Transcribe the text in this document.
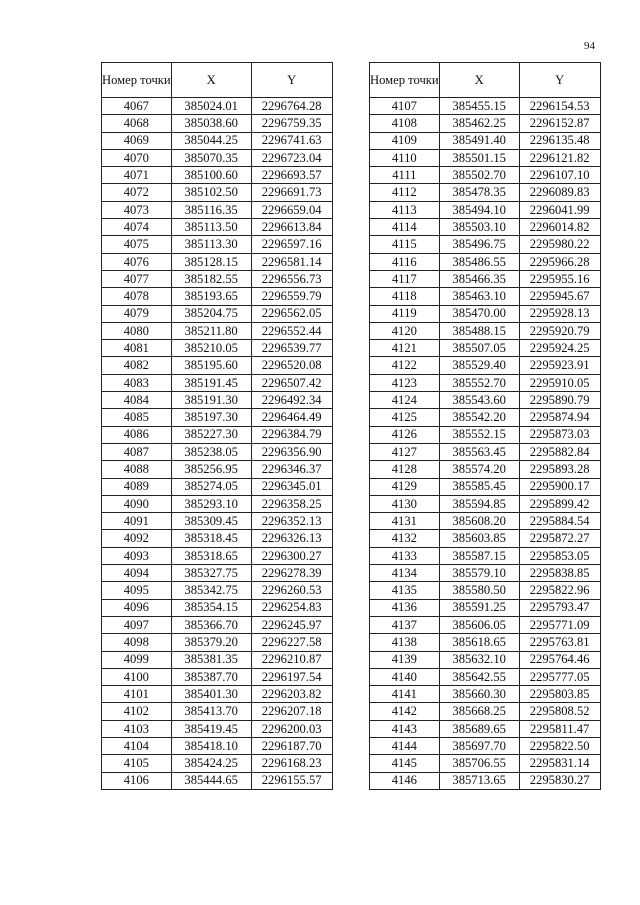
94
Номер точки	X	Y
4067	385024.01	2296764.28
4068	385038.60	2296759.35
4069	385044.25	2296741.63
4070	385070.35	2296723.04
4071	385100.60	2296693.57
4072	385102.50	2296691.73
4073	385116.35	2296659.04
4074	385113.50	2296613.84
4075	385113.30	2296597.16
4076	385128.15	2296581.14
4077	385182.55	2296556.73
4078	385193.65	2296559.79
4079	385204.75	2296562.05
4080	385211.80	2296552.44
4081	385210.05	2296539.77
4082	385195.60	2296520.08
4083	385191.45	2296507.42
4084	385191.30	2296492.34
4085	385197.30	2296464.49
4086	385227.30	2296384.79
4087	385238.05	2296356.90
4088	385256.95	2296346.37
4089	385274.05	2296345.01
4090	385293.10	2296358.25
4091	385309.45	2296352.13
4092	385318.45	2296326.13
4093	385318.65	2296300.27
4094	385327.75	2296278.39
4095	385342.75	2296260.53
4096	385354.15	2296254.83
4097	385366.70	2296245.97
4098	385379.20	2296227.58
4099	385381.35	2296210.87
4100	385387.70	2296197.54
4101	385401.30	2296203.82
4102	385413.70	2296207.18
4103	385419.45	2296200.03
4104	385418.10	2296187.70
4105	385424.25	2296168.23
4106	385444.65	2296155.57
Номер точки	X	Y
4107	385455.15	2296154.53
4108	385462.25	2296152.87
4109	385491.40	2296135.48
4110	385501.15	2296121.82
4111	385502.70	2296107.10
4112	385478.35	2296089.83
4113	385494.10	2296041.99
4114	385503.10	2296014.82
4115	385496.75	2295980.22
4116	385486.55	2295966.28
4117	385466.35	2295955.16
4118	385463.10	2295945.67
4119	385470.00	2295928.13
4120	385488.15	2295920.79
4121	385507.05	2295924.25
4122	385529.40	2295923.91
4123	385552.70	2295910.05
4124	385543.60	2295890.79
4125	385542.20	2295874.94
4126	385552.15	2295873.03
4127	385563.45	2295882.84
4128	385574.20	2295893.28
4129	385585.45	2295900.17
4130	385594.85	2295899.42
4131	385608.20	2295884.54
4132	385603.85	2295872.27
4133	385587.15	2295853.05
4134	385579.10	2295838.85
4135	385580.50	2295822.96
4136	385591.25	2295793.47
4137	385606.05	2295771.09
4138	385618.65	2295763.81
4139	385632.10	2295764.46
4140	385642.55	2295777.05
4141	385660.30	2295803.85
4142	385668.25	2295808.52
4143	385689.65	2295811.47
4144	385697.70	2295822.50
4145	385706.55	2295831.14
4146	385713.65	2295830.27
